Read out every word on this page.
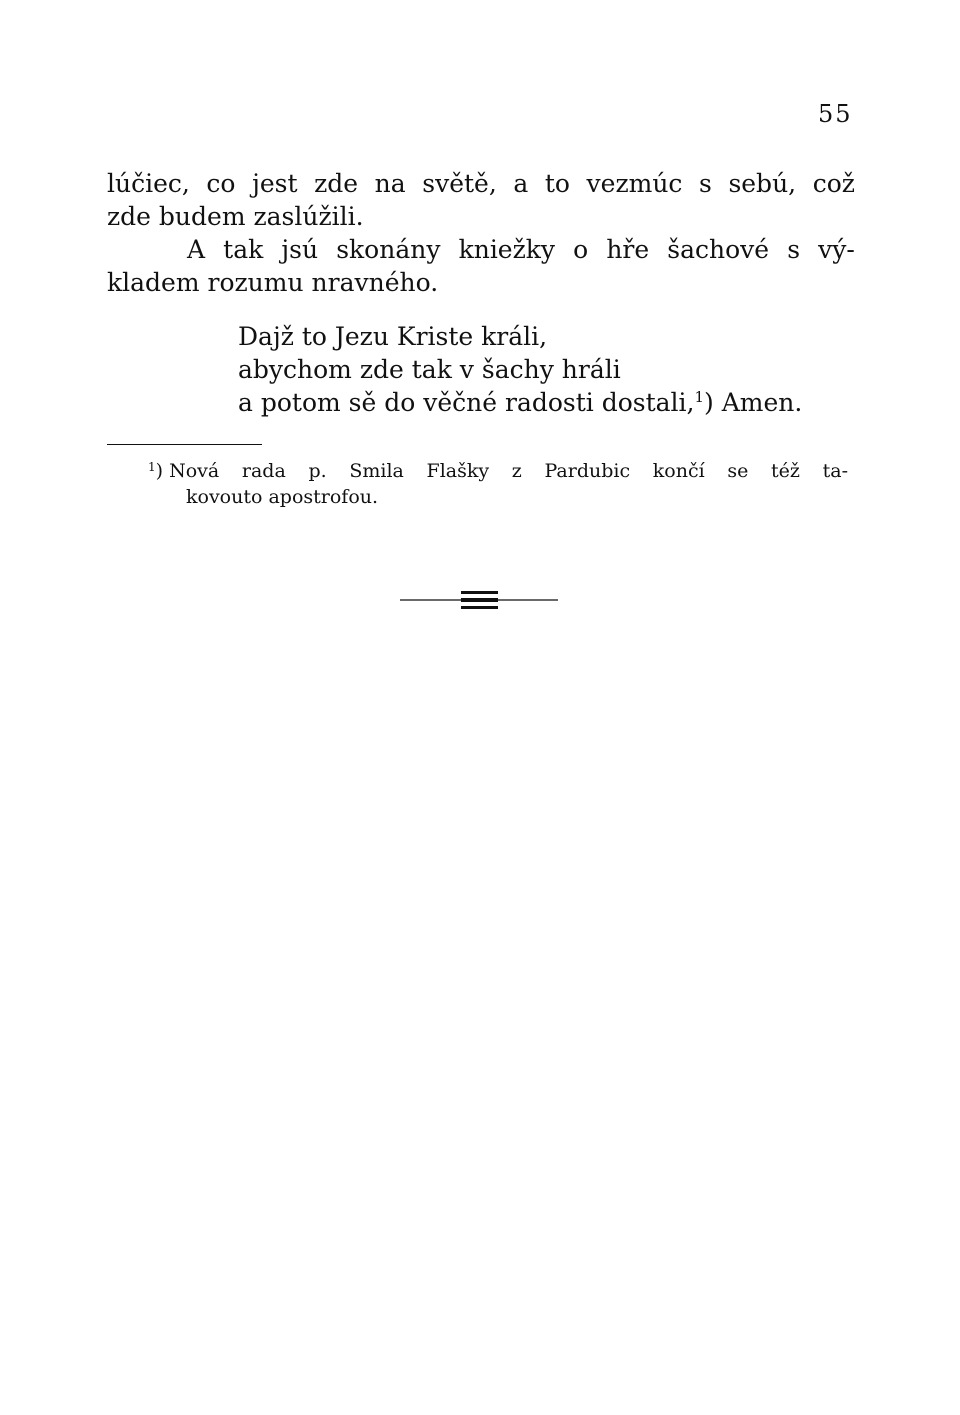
55
lúčiec, co jest zde na světě, a to vezmúc s sebú, což
zde budem zaslúžili.
A tak jsú skonány kniežky o hře šachové s vý-
kladem rozumu nravného.
Dajž to Jezu Kriste králi,
abychom zde tak v šachy hráli
a potom sě do věčné radosti dostali,$^1$) Amen.
$^1$) Nová rada p. Smila Flašky z Pardubic končí se též ta-
kovouto apostrofou.
